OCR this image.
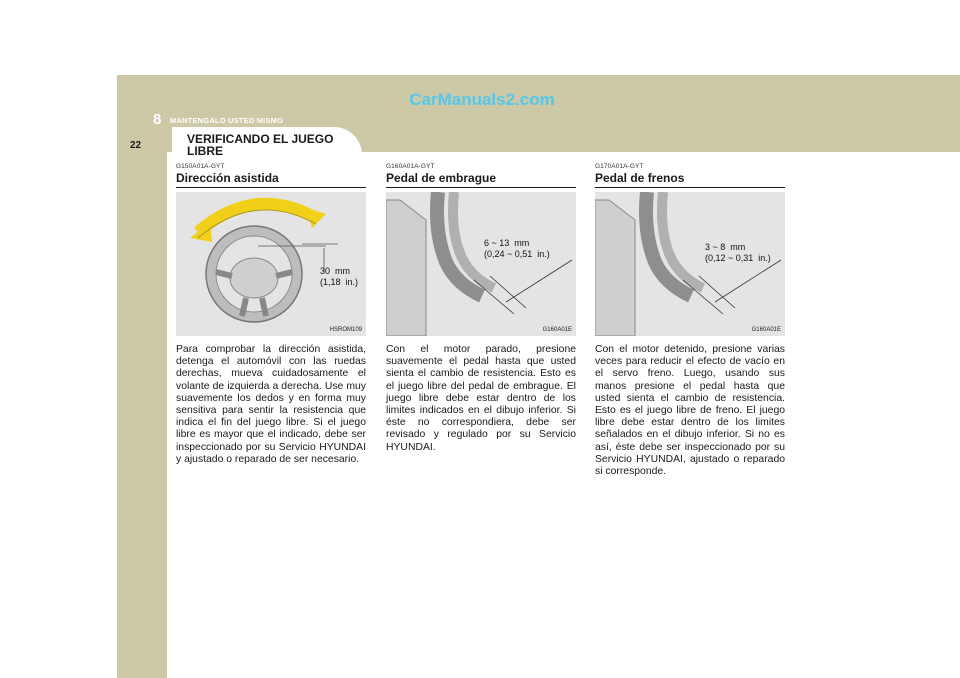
CarManuals2.com
8 MANTENGALO USTED MISMO
22	VERIFICANDO EL JUEGO LIBRE
G150A01A-GYT
Dirección asistida
30  mm
(1,18  in.)
HSROM109
Para comprobar la dirección asistida, detenga el automóvil con las ruedas derechas, mueva cuidadosamente el volante de izquierda a derecha. Use muy suavemente los dedos y en forma muy sensitiva para sentir la resistencia que indica el fin del juego libre. Si el juego libre es mayor que el indicado, debe ser inspeccionado por su Servicio HYUNDAI y ajustado o reparado de ser necesario.
G160A01A-GYT
Pedal de embrague
6 ~ 13  mm
(0,24 ~ 0,51  in.)
G160A01E
Con el motor parado, presione suavemente el pedal hasta que usted sienta el cambio de resistencia. Esto es el juego libre del pedal de embrague. El juego libre debe estar dentro de los limites indicados en el dibujo inferior. Si éste no correspondiera, debe ser revisado y regulado por su Servicio HYUNDAI.
G170A01A-GYT
Pedal de frenos
3 ~ 8  mm
(0,12 ~ 0,31  in.)
G160A01E
Con el motor detenido, presione varias veces para reducir el efecto de vacío en el servo freno. Luego, usando sus manos presione el pedal hasta que usted sienta el cambio de resistencia. Esto es el juego libre de freno. El juego libre debe estar dentro de los limites señalados en el dibujo inferior. Si no es así, éste debe ser inspeccionado por su Servicio HYUNDAI, ajustado o reparado si corresponde.
